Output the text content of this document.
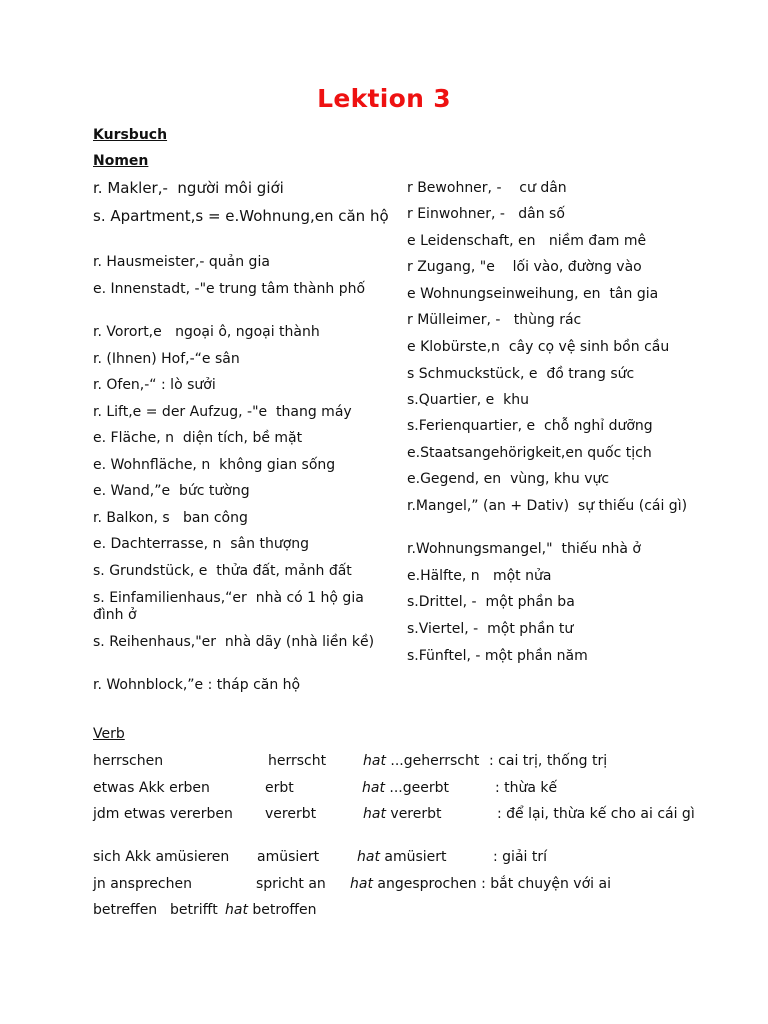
Lektion 3
Kursbuch
Nomen
r. Makler,-  người môi giới
s. Apartment,s = e.Wohnung,en căn hộ
r. Hausmeister,- quản gia
e. Innenstadt, -"e trung tâm thành phố
r. Vorort,e   ngoại ô, ngoại thành
r. (Ihnen) Hof,-“e sân
r. Ofen,-“ : lò sưởi
r. Lift,e = der Aufzug, -"e  thang máy
e. Fläche, n  diện tích, bề mặt
e. Wohnfläche, n  không gian sống
e. Wand,”e  bức tường
r. Balkon, s   ban công
e. Dachterrasse, n  sân thượng
s. Grundstück, e  thửa đất, mảnh đất
s. Einfamilienhaus,“er  nhà có 1 hộ gia            đình ở
s. Reihenhaus,"er  nhà dãy (nhà liền kề)
r. Wohnblock,”e : tháp căn hộ
r Bewohner, -    cư dân
r Einwohner, -   dân số
e Leidenschaft, en   niềm đam mê
r Zugang, "e    lối vào, đường vào
e Wohnungseinweihung, en  tân gia
r Mülleimer, -   thùng rác
e Klobürste,n  cây cọ vệ sinh bồn cầu
s Schmuckstück, e  đồ trang sức
s.Quartier, e  khu
s.Ferienquartier, e  chỗ nghỉ dưỡng
e.Staatsangehörigkeit,en quốc tịch
e.Gegend, en  vùng, khu vực
r.Mangel,” (an + Dativ)  sự thiếu (cái gì)
r.Wohnungsmangel,"  thiếu nhà ở
e.Hälfte, n   một nửa
s.Drittel, -  một phần ba
s.Viertel, -  một phần tư
s.Fünftel, - một phần năm
Verb
herrschen	herrscht	hat ...geherrscht : cai trị, thống trị
etwas Akk erben	erbt	hat ...geerbt	: thừa kế
jdm etwas vererben	vererbt	hat vererbt	: để lại, thừa kế cho ai cái gì
sich Akk amüsieren amüsiert	hat amüsiert	: giải trí
jn ansprechen	spricht an hat angesprochen : bắt chuyện với ai
betreffen betrifft hat betroffen
